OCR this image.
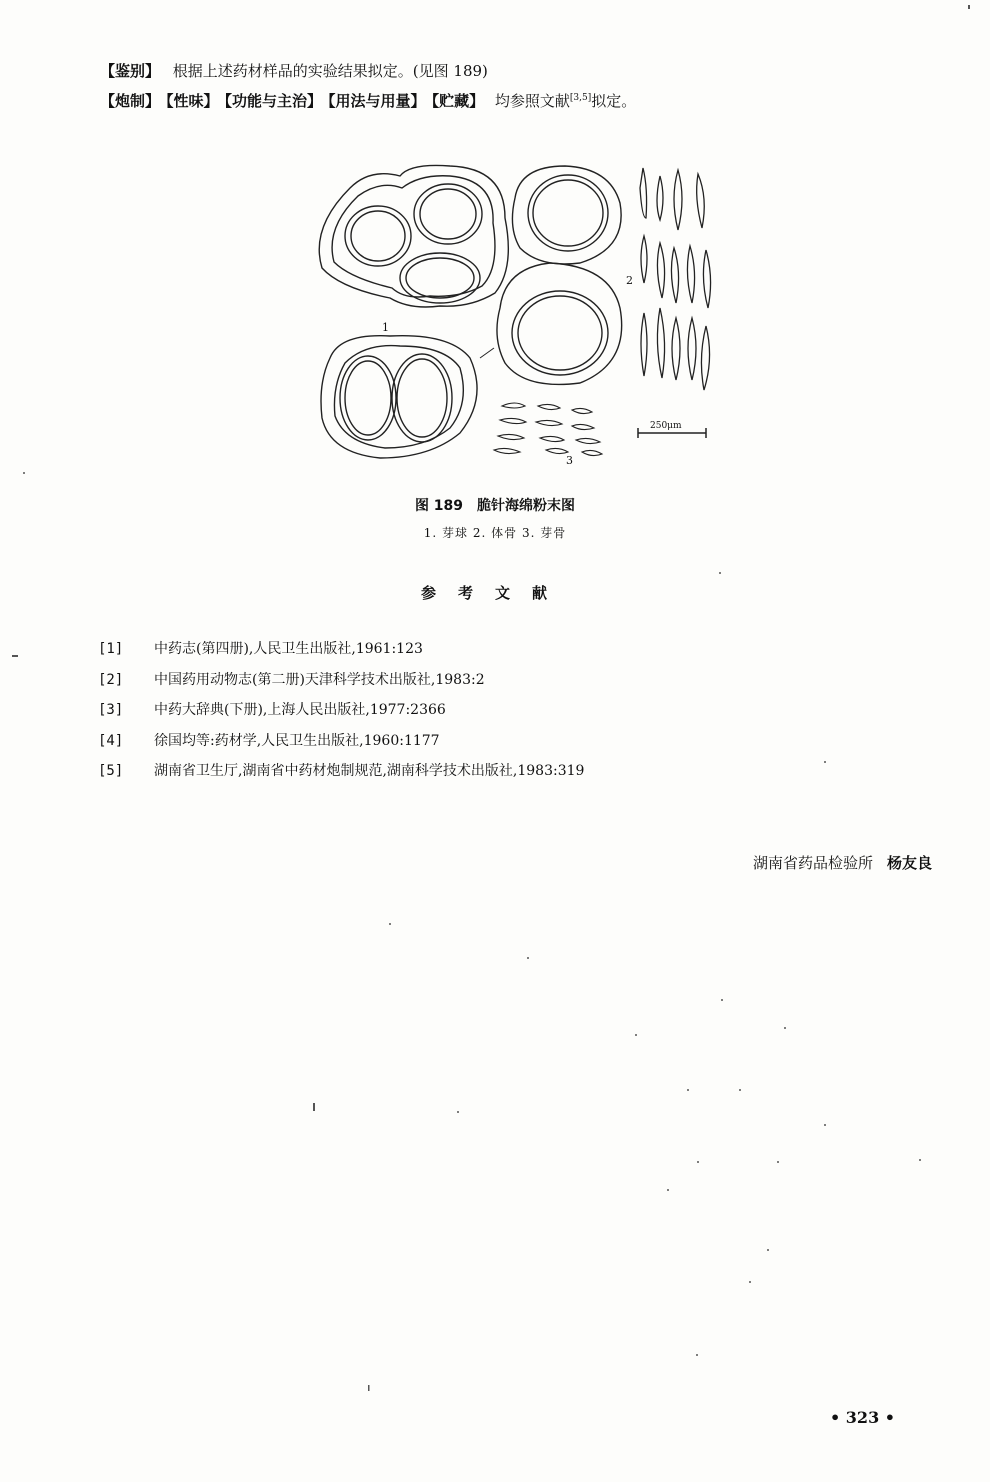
【鉴别】 根据上述药材样品的实验结果拟定。(见图 189)
【炮制】 【性味】 【功能与主治】 【用法与用量】 【贮藏】 均参照文献[3,5]拟定。
1
2
3
250μm
图 189 脆针海绵粉末图
1. 芽球 2. 体骨 3. 芽骨
参考文献
[1] 中药志(第四册),人民卫生出版社,1961:123
[2] 中国药用动物志(第二册)天津科学技术出版社,1983:2
[3] 中药大辞典(下册),上海人民出版社,1977:2366
[4] 徐国均等:药材学,人民卫生出版社,1960:1177
[5] 湖南省卫生厅,湖南省中药材炮制规范,湖南科学技术出版社,1983:319
湖南省药品检验所 杨友良
• 323 •
